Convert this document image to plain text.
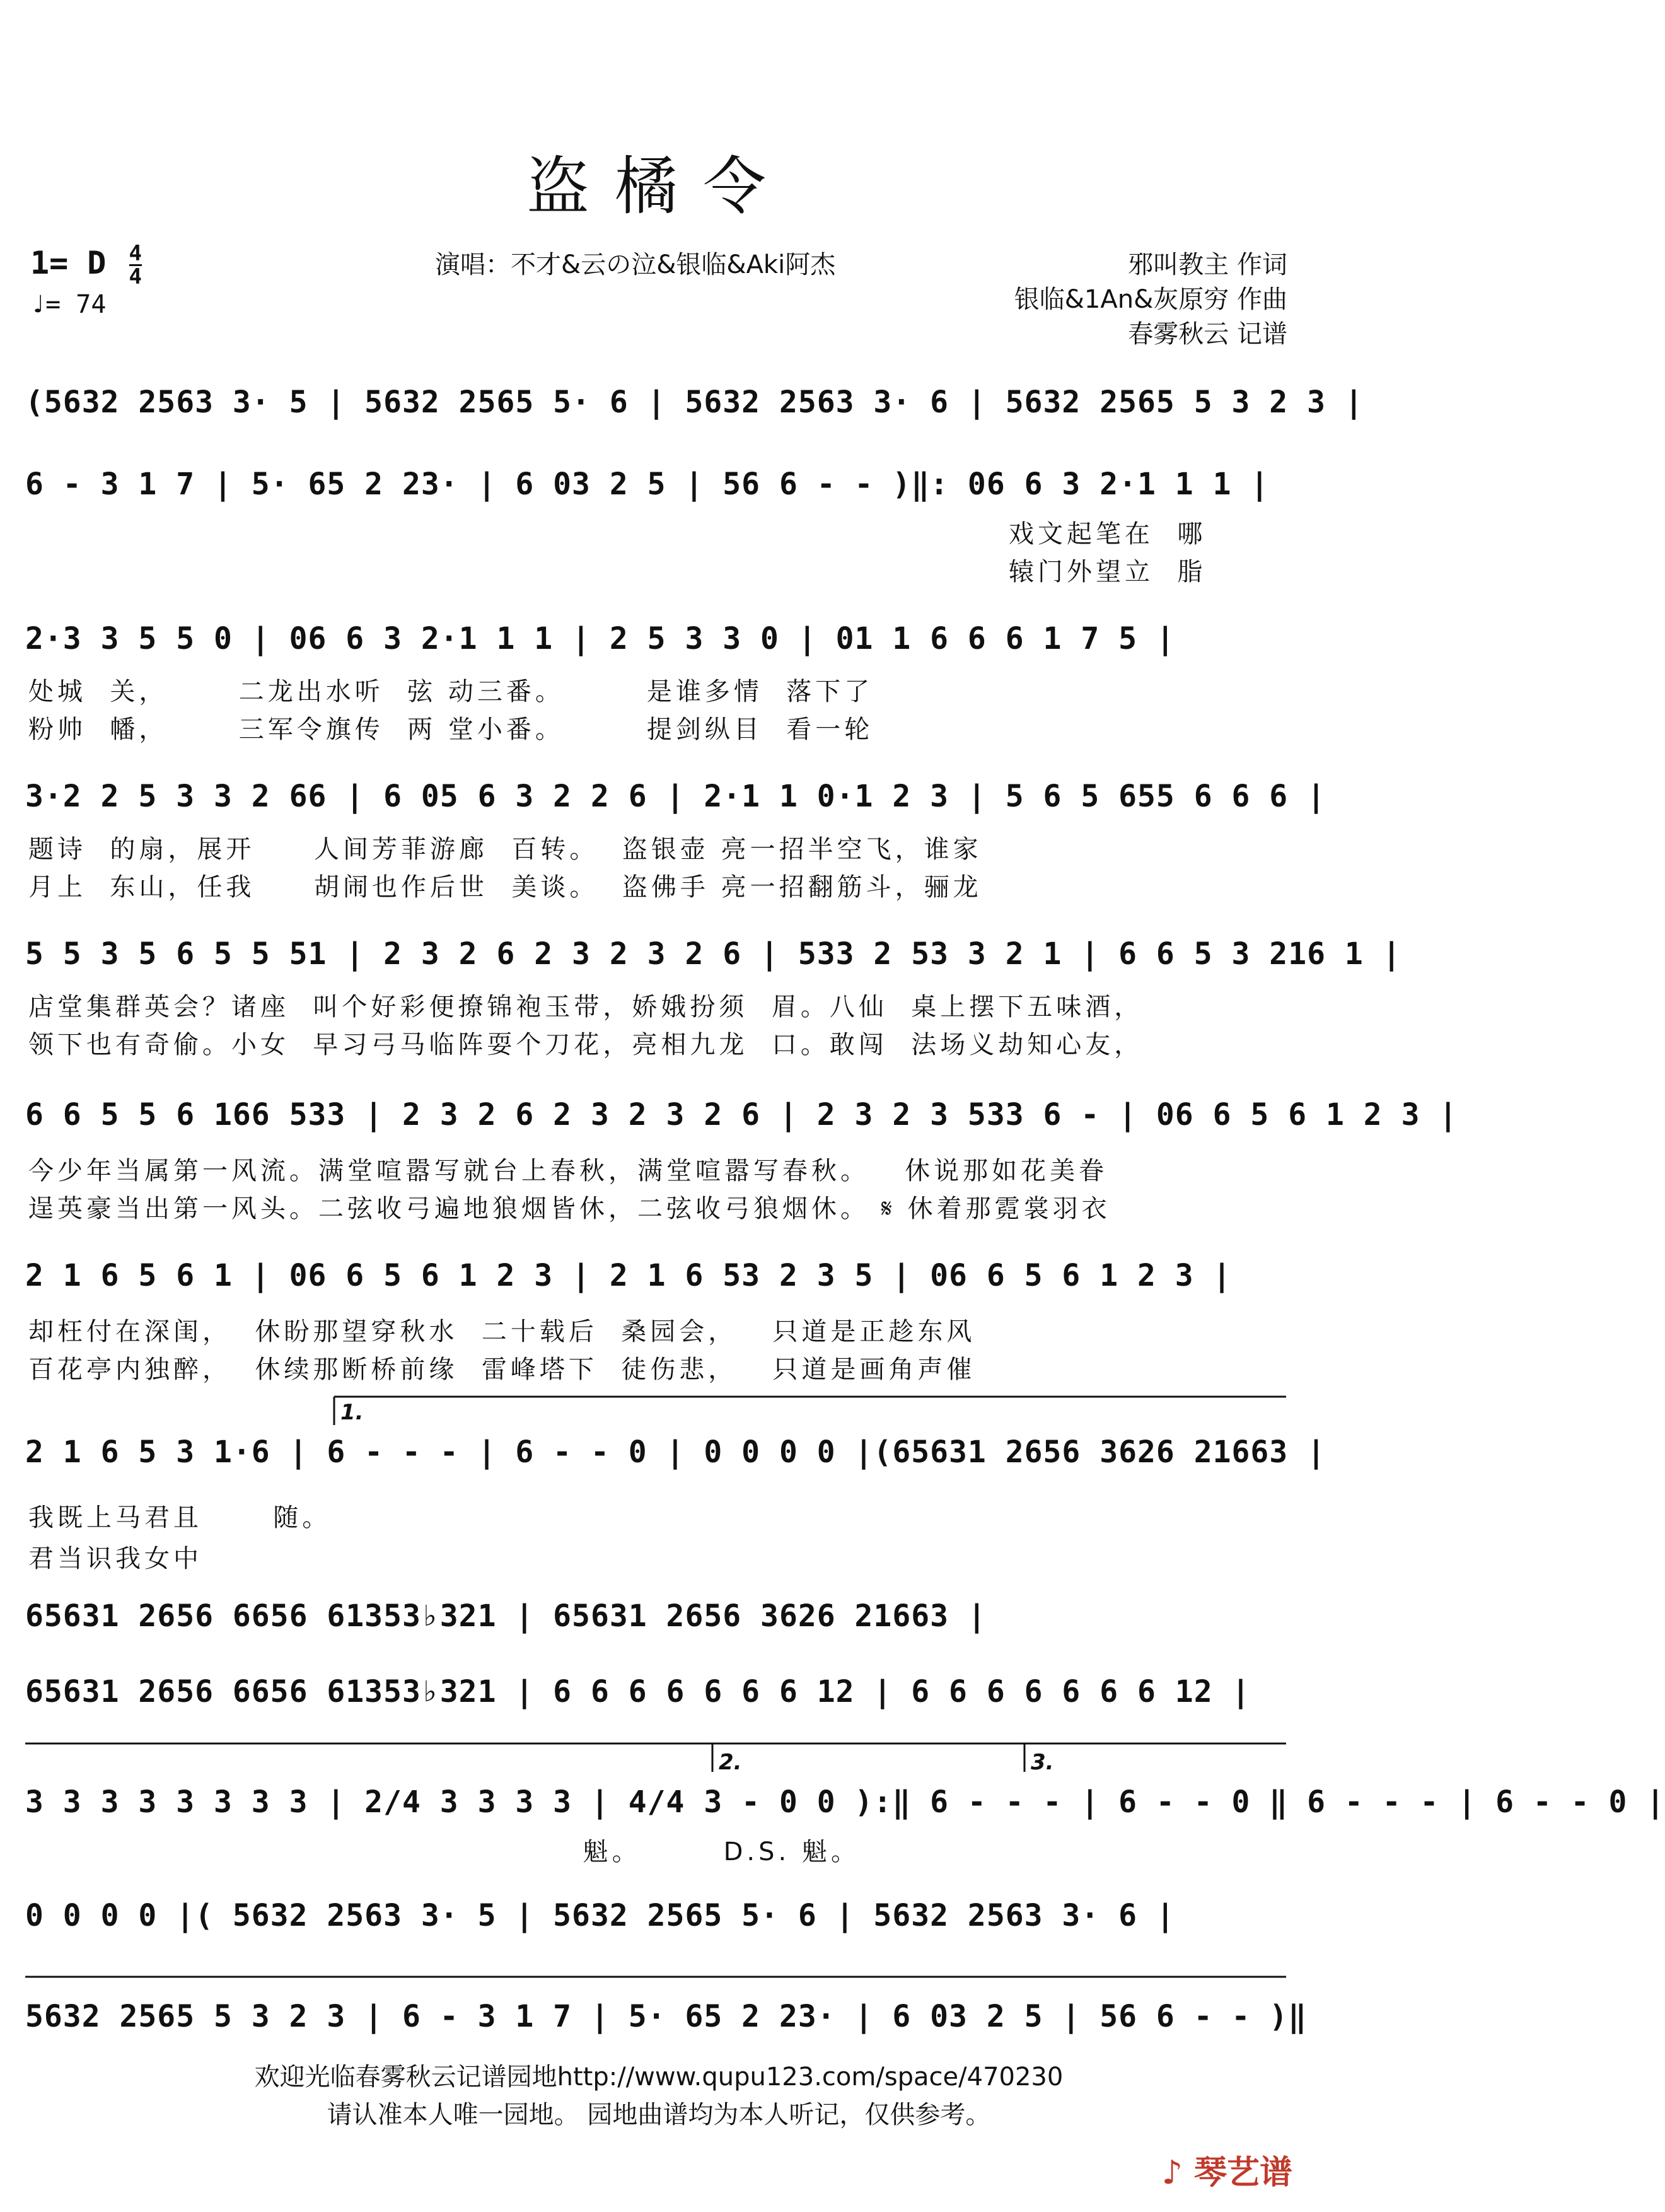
盗橘令
1= D $\frac{4}{4}$
♩= 74
演唱：不才&云の泣&银临&Aki阿杰	邪叫教主 作词
银临&1An&灰原穷 作曲
春雾秋云 记谱
(5632 2563 3· 5 | 5632 2565 5· 6 | 5632 2563 3· 6 | 5632 2565 5 3 2 3 |
6 - 3 1 7 | 5· 65 2 23· | 6 03 2 5 | 56 6 - - )‖: 06 6 3 2·1 1 1 |
戏文起笔在  哪
辕门外望立  脂
2·3 3 5 5 0 | 06 6 3 2·1 1 1 | 2 5 3 3 0 | 01 1 6 6 6 1 7 5 |
处城  关，      二龙出水听  弦 动三番。       是谁多情  落下了
粉帅  幡，      三军令旗传  两 堂小番。       提剑纵目  看一轮
3·2 2 5 3 3 2 66 | 6 05 6 3 2 2 6 | 2·1 1 0·1 2 3 | 5 6 5 655 6 6 6 |
题诗  的扇，展开     人间芳菲游廊  百转。  盗银壶 亮一招半空飞，谁家
月上  东山，任我     胡闹也作后世  美谈。  盗佛手 亮一招翻筋斗，骊龙
5 5 3 5 6 5 5 51 | 2 3 2 6 2 3 2 3 2 6 | 533 2 53 3 2 1 | 6 6 5 3 216 1 |
店堂集群英会？诸座  叫个好彩便撩锦袍玉带，娇娥扮须  眉。八仙  桌上摆下五味酒，
领下也有奇偷。小女  早习弓马临阵耍个刀花，亮相九龙  口。敢闯  法场义劫知心友，
6 6 5 5 6 166 533 | 2 3 2 6 2 3 2 3 2 6 | 2 3 2 3 533 6 - | 06 6 5 6 1 2 3 |
今少年当属第一风流。满堂喧嚣写就台上春秋，满堂喧嚣写春秋。   休说那如花美眷
逞英豪当出第一风头。二弦收弓遍地狼烟皆休，二弦收弓狼烟休。 𝄋 休着那霓裳羽衣
2 1 6 5 6 1 | 06 6 5 6 1 2 3 | 2 1 6 53 2 3 5 | 06 6 5 6 1 2 3 |
却枉付在深闺，  休盼那望穿秋水  二十载后  桑园会，   只道是正趁东风
百花亭内独醉，  休续那断桥前缘  雷峰塔下  徒伤悲，   只道是画角声催
2 1 6 5 3 1·6 | 6 - - - | 6 - - 0 | 0 0 0 0 |(65631 2656 3626 21663 |
我既上马君且      随。
君当识我女中
65631 2656 6656 61353♭321 | 65631 2656 3626 21663 |
65631 2656 6656 61353♭321 | 6 6 6 6 6 6 6 12 | 6 6 6 6 6 6 6 12 |
3 3 3 3 3 3 3 3 | 2/4 3 3 3 3 | 4/4 3 - 0 0 ):‖ 6 - - - | 6 - - 0 ‖ 6 - - - | 6 - - 0 |
魁。       D.S. 魁。
0 0 0 0 |( 5632 2563 3· 5 | 5632 2565 5· 6 | 5632 2563 3· 6 |
5632 2565 5 3 2 3 | 6 - 3 1 7 | 5· 65 2 23· | 6 03 2 5 | 56 6 - - )‖
1.
2.	3.
欢迎光临春雾秋云记谱园地http://www.qupu123.com/space/470230
请认准本人唯一园地。 园地曲谱均为本人听记，仅供参考。
♪ 琴艺谱
